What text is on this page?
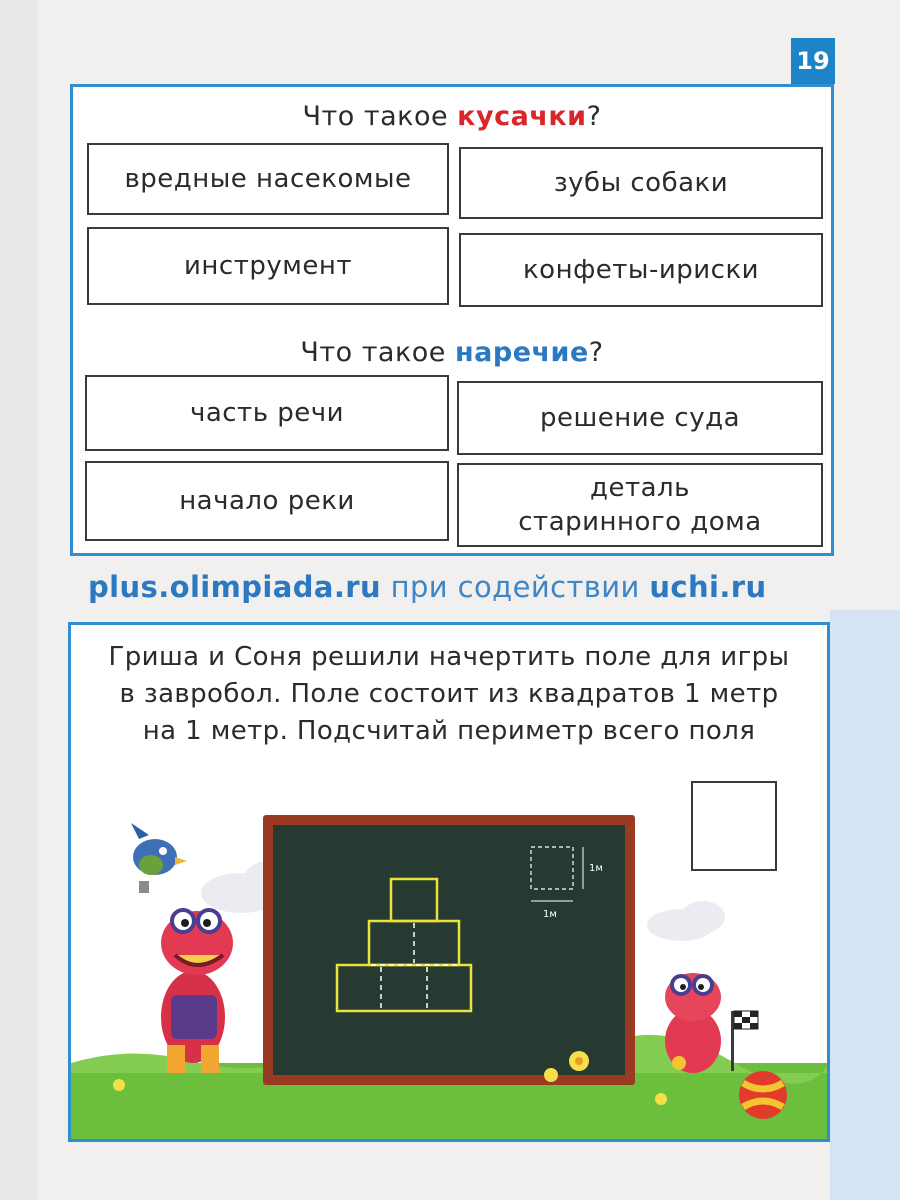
19
Что такое кусачки?
вредные насекомые	зубы собаки
инструмент	конфеты-ириски
Что такое наречие?
часть речи	решение суда
начало реки	деталь
старинного дома
plus.olimpiada.ru при содействии uchi.ru
Гриша и Соня решили начертить поле для игры
в завробол. Поле состоит из квадратов 1 метр
на 1 метр. Подсчитай периметр всего поля
1м
1м
